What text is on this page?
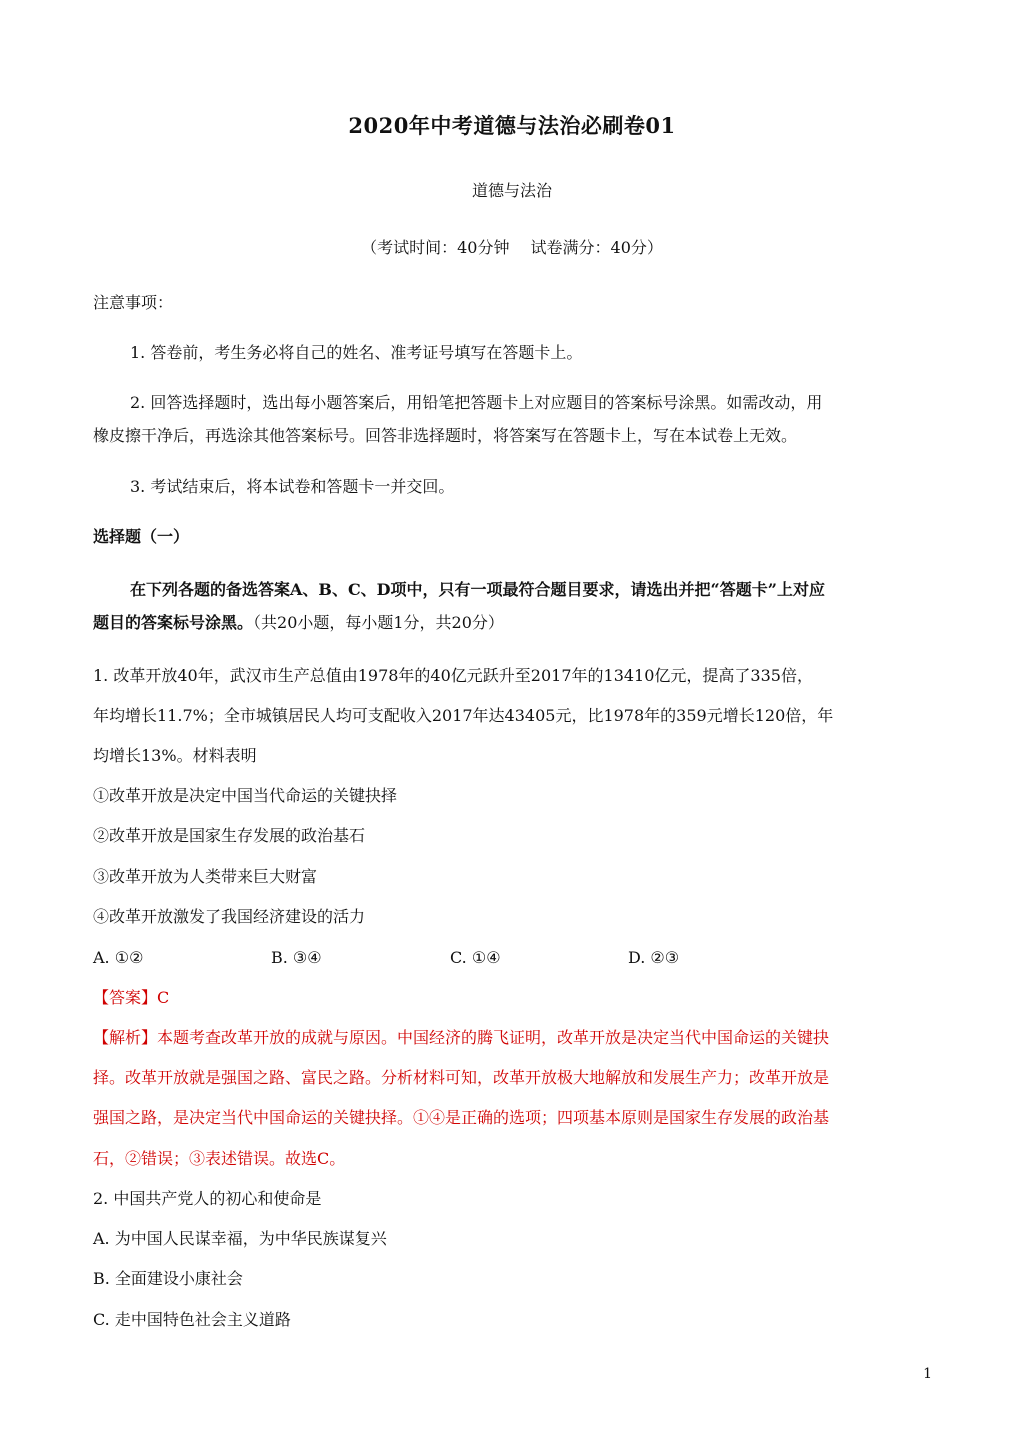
2020年中考道德与法治必刷卷01
道德与法治
（考试时间：40分钟　 试卷满分：40分）
注意事项：
1. 答卷前，考生务必将自己的姓名、准考证号填写在答题卡上。
2. 回答选择题时，选出每小题答案后，用铅笔把答题卡上对应题目的答案标号涂黑。如需改动，用
橡皮擦干净后，再选涂其他答案标号。回答非选择题时，将答案写在答题卡上，写在本试卷上无效。
3. 考试结束后，将本试卷和答题卡一并交回。
选择题（一）
在下列各题的备选答案A、B、C、D项中，只有一项最符合题目要求，请选出并把“答题卡”上对应
题目的答案标号涂黑。（共20小题，每小题1分，共20分）
1. 改革开放40年，武汉市生产总值由1978年的40亿元跃升至2017年的13410亿元，提高了335倍，
年均增长11.7%；全市城镇居民人均可支配收入2017年达43405元，比1978年的359元增长120倍，年
均增长13%。材料表明
①改革开放是决定中国当代命运的关键抉择
②改革开放是国家生存发展的政治基石
③改革开放为人类带来巨大财富
④改革开放激发了我国经济建设的活力
A. ①②	B. ③④	C. ①④	D. ②③
【答案】C
【解析】本题考查改革开放的成就与原因。中国经济的腾飞证明，改革开放是决定当代中国命运的关键抉
择。改革开放就是强国之路、富民之路。分析材料可知，改革开放极大地解放和发展生产力；改革开放是
强国之路，是决定当代中国命运的关键抉择。①④是正确的选项；四项基本原则是国家生存发展的政治基
石，②错误；③表述错误。故选C。
2. 中国共产党人的初心和使命是
A. 为中国人民谋幸福，为中华民族谋复兴
B. 全面建设小康社会
C. 走中国特色社会主义道路
1
